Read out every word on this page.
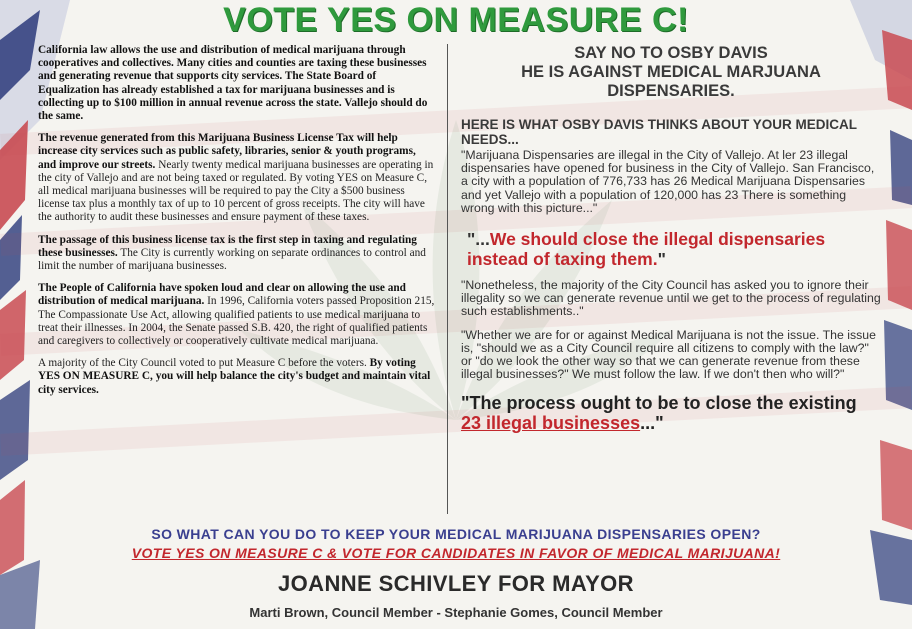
VOTE YES ON MEASURE C!

California law allows the use and distribution of medical marijuana through cooperatives and collectives. Many cities and counties are taxing these businesses and generating revenue that supports city services. The State Board of Equalization has already established a tax for marijuana businesses and is collecting up to $100 million in annual revenue across the state. Vallejo should do the same.

The revenue generated from this Marijuana Business License Tax will help increase city services such as public safety, libraries, senior & youth programs, and improve our streets. Nearly twenty medical marijuana businesses are operating in the city of Vallejo and are not being taxed or regulated. By voting YES on Measure C, all medical marijuana businesses will be required to pay the City a $500 business license tax plus a monthly tax of up to 10 percent of gross receipts. The city will have the authority to audit these businesses and ensure payment of these taxes.

The passage of this business license tax is the first step in taxing and regulating these businesses. The City is currently working on separate ordinances to control and limit the number of marijuana businesses.

The People of California have spoken loud and clear on allowing the use and distribution of medical marijuana. In 1996, California voters passed Proposition 215, The Compassionate Use Act, allowing qualified patients to use medical marijuana to treat their illnesses. In 2004, the Senate passed S.B. 420, the right of qualified patients and caregivers to collectively or cooperatively cultivate medical marijuana.

A majority of the City Council voted to put Measure C before the voters. By voting YES ON MEASURE C, you will help balance the city's budget and maintain vital city services.

SAY NO TO OSBY DAVIS
HE IS AGAINST MEDICAL MARJUANA
DISPENSARIES.

HERE IS WHAT OSBY DAVIS THINKS ABOUT YOUR MEDICAL NEEDS...

"Marijuana Dispensaries are illegal in the City of Vallejo. At ler 23 illegal dispensaries have opened for business in the City of Vallejo. San Francisco, a city with a population of 776,733 has 26 Medical Marijuana Dispensaries and yet Vallejo with a population of 120,000 has 23 There is something wrong with this picture..."

"...We should close the illegal dispensaries instead of taxing them."

"Nonetheless, the majority of the City Council has asked you to ignore their illegality so we can generate revenue until we get to the process of regulating such establishments.."

"Whether we are for or against Medical Marijuana is not the issue. The issue is, "should we as a City Council require all citizens to comply with the law?" or "do we look the other way so that we can generate revenue from these illegal businesses?" We must follow the law. If we don't then who will?"

"The process ought to be to close the existing 23 illegal businesses..."

SO WHAT CAN YOU DO TO KEEP YOUR MEDICAL MARIJUANA DISPENSARIES OPEN?
VOTE YES ON MEASURE C & VOTE FOR CANDIDATES IN FAVOR OF MEDICAL MARIJUANA!
JOANNE SCHIVLEY FOR MAYOR
Marti Brown, Council Member - Stephanie Gomes, Council Member
